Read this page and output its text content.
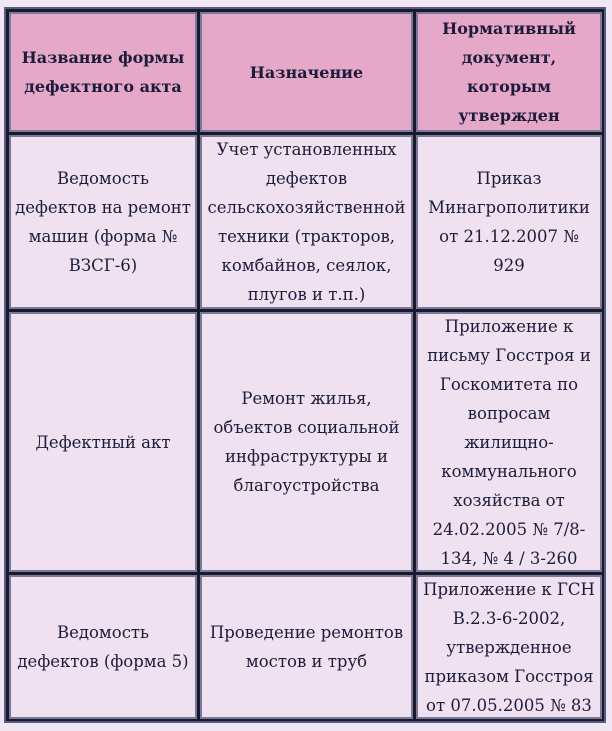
Название формы дефектного акта
Назначение
Нормативный документ, которым утвержден
Ведомость дефектов на ремонт машин (форма № ВЗСГ-6)
Учет установленных дефектов сельскохозяйственной техники (тракторов, комбайнов, сеялок, плугов и т.п.)
Приказ Минагрополитики от 21.12.2007 № 929
Дефектный акт
Ремонт жилья, объектов социальной инфраструктуры и благоустройства
Приложение к письму Госстроя и Госкомитета по вопросам жилищно-коммунального хозяйства от 24.02.2005 № 7/8-134, № 4 / 3-260
Ведомость дефектов (форма 5)
Проведение ремонтов мостов и труб
Приложение к ГСН В.2.3-6-2002, утвержденное приказом Госстроя от 07.05.2005 № 83
